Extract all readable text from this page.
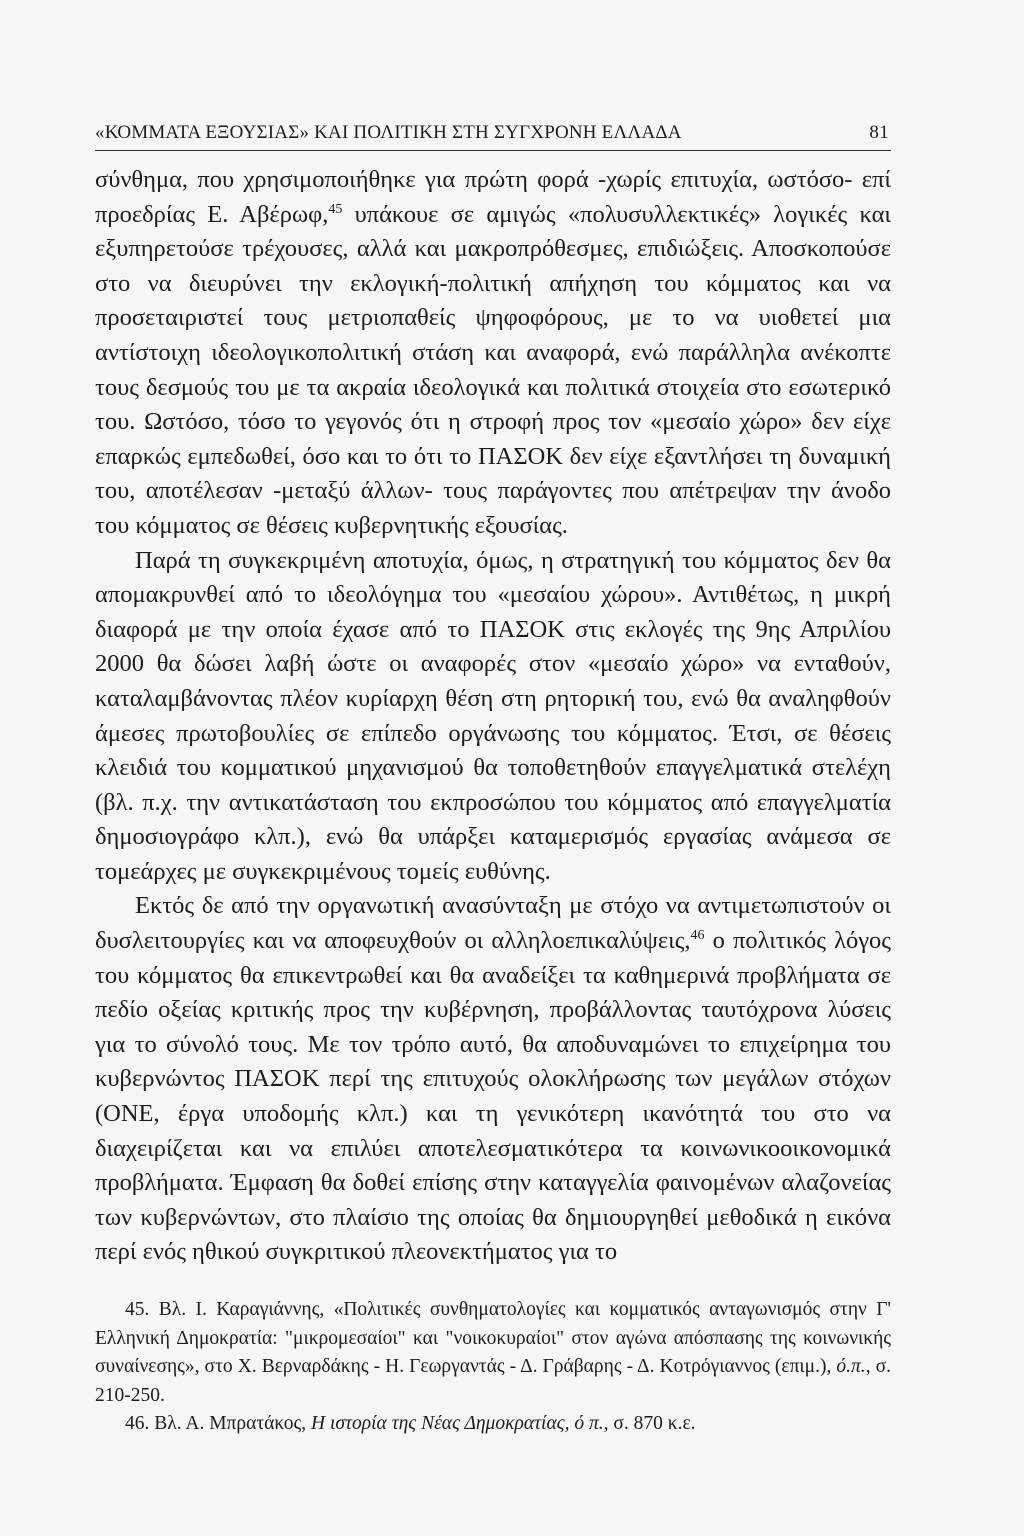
«ΚΟΜΜΑΤΑ ΕΞΟΥΣΙΑΣ» ΚΑΙ ΠΟΛΙΤΙΚΗ ΣΤΗ ΣΥΓΧΡΟΝΗ ΕΛΛΑΔΑ	81

σύνθημα, που χρησιμοποιήθηκε για πρώτη φορά -χωρίς επιτυχία, ωστόσο- επί προεδρίας Ε. Αβέρωφ,$^{45}$ υπάκουε σε αμιγώς «πολυσυλλεκτικές» λογικές και εξυπηρετούσε τρέχουσες, αλλά και μακροπρόθεσμες, επιδιώξεις. Αποσκοπούσε στο να διευρύνει την εκλογική-πολιτική απήχηση του κόμματος και να προσεταιριστεί τους μετριοπαθείς ψηφοφόρους, με το να υιοθετεί μια αντίστοιχη ιδεολογικοπολιτική στάση και αναφορά, ενώ παράλληλα ανέκοπτε τους δεσμούς του με τα ακραία ιδεολογικά και πολιτικά στοιχεία στο εσωτερικό του. Ωστόσο, τόσο το γεγονός ότι η στροφή προς τον «μεσαίο χώρο» δεν είχε επαρκώς εμπεδωθεί, όσο και το ότι το ΠΑΣΟΚ δεν είχε εξαντλήσει τη δυναμική του, αποτέλεσαν -μεταξύ άλλων- τους παράγοντες που απέτρεψαν την άνοδο του κόμματος σε θέσεις κυβερνητικής εξουσίας.

Παρά τη συγκεκριμένη αποτυχία, όμως, η στρατηγική του κόμματος δεν θα απομακρυνθεί από το ιδεολόγημα του «μεσαίου χώρου». Αντιθέτως, η μικρή διαφορά με την οποία έχασε από το ΠΑΣΟΚ στις εκλογές της 9ης Απριλίου 2000 θα δώσει λαβή ώστε οι αναφορές στον «μεσαίο χώρο» να ενταθούν, καταλαμβάνοντας πλέον κυρίαρχη θέση στη ρητορική του, ενώ θα αναληφθούν άμεσες πρωτοβουλίες σε επίπεδο οργάνωσης του κόμματος. Έτσι, σε θέσεις κλειδιά του κομματικού μηχανισμού θα τοποθετηθούν επαγγελματικά στελέχη (βλ. π.χ. την αντικατάσταση του εκπροσώπου του κόμματος από επαγγελματία δημοσιογράφο κλπ.), ενώ θα υπάρξει καταμερισμός εργασίας ανάμεσα σε τομεάρχες με συγκεκριμένους τομείς ευθύνης.

Εκτός δε από την οργανωτική ανασύνταξη με στόχο να αντιμετωπιστούν οι δυσλειτουργίες και να αποφευχθούν οι αλληλοεπικαλύψεις,$^{46}$ ο πολιτικός λόγος του κόμματος θα επικεντρωθεί και θα αναδείξει τα καθημερινά προβλήματα σε πεδίο οξείας κριτικής προς την κυβέρνηση, προβάλλοντας ταυτόχρονα λύσεις για το σύνολό τους. Με τον τρόπο αυτό, θα αποδυναμώνει το επιχείρημα του κυβερνώντος ΠΑΣΟΚ περί της επιτυχούς ολοκλήρωσης των μεγάλων στόχων (ΟΝΕ, έργα υποδομής κλπ.) και τη γενικότερη ικανότητά του στο να διαχειρίζεται και να επιλύει αποτελεσματικότερα τα κοινωνικοοικονομικά προβλήματα. Έμφαση θα δοθεί επίσης στην καταγγελία φαινομένων αλαζονείας των κυβερνώντων, στο πλαίσιο της οποίας θα δημιουργηθεί μεθοδικά η εικόνα περί ενός ηθικού συγκριτικού πλεονεκτήματος για το

45. Βλ. Ι. Καραγιάννης, «Πολιτικές συνθηματολογίες και κομματικός ανταγωνισμός στην Γ' Ελληνική Δημοκρατία: "μικρομεσαίοι" και "νοικοκυραίοι" στον αγώνα απόσπασης της κοινωνικής συναίνεσης», στο Χ. Βερναρδάκης - Η. Γεωργαντάς - Δ. Γράβαρης - Δ. Κοτρόγιαννος (επιμ.), ό.π., σ. 210-250.

46. Βλ. Α. Μπρατάκος, Η ιστορία της Νέας Δημοκρατίας, ό π., σ. 870 κ.ε.
